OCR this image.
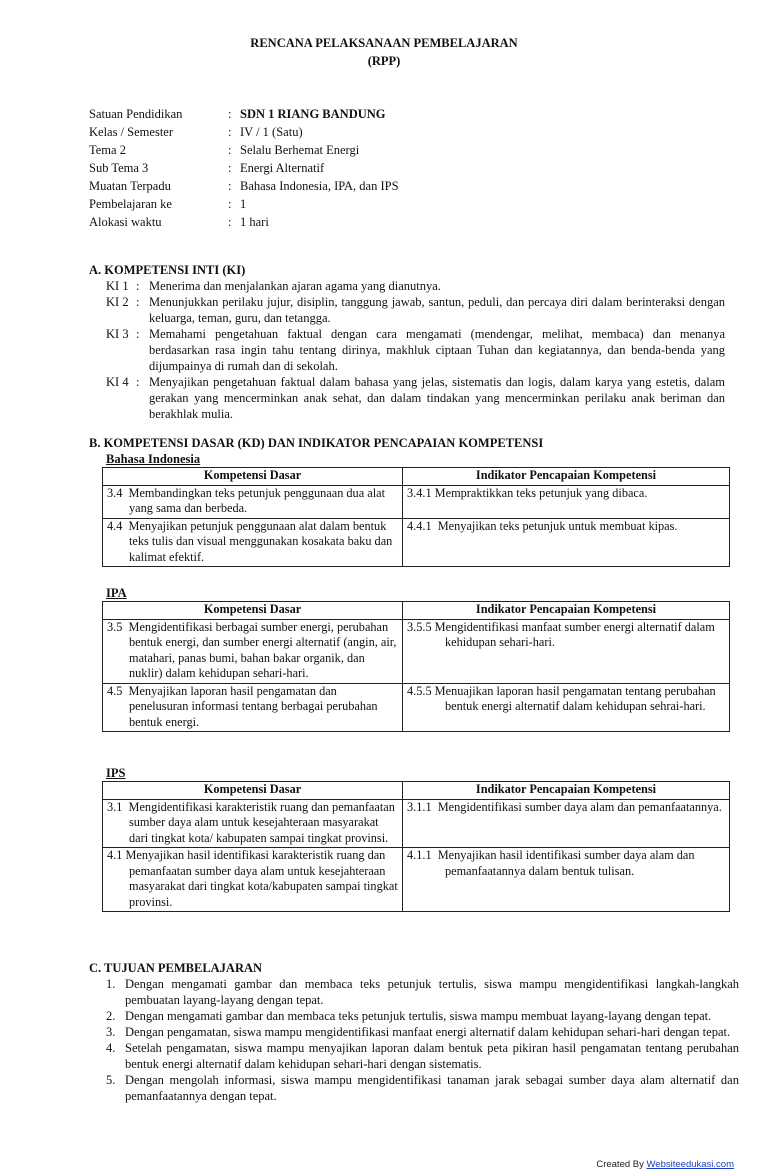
RENCANA PELAKSANAAN PEMBELAJARAN
(RPP)
Satuan Pendidikan	: SDN 1 RIANG BANDUNG
Kelas / Semester	: IV / 1 (Satu)
Tema 2	: Selalu Berhemat Energi
Sub Tema 3	: Energi Alternatif
Muatan Terpadu	: Bahasa Indonesia, IPA, dan IPS
Pembelajaran ke	: 1
Alokasi waktu	: 1 hari
A. KOMPETENSI INTI (KI)
KI 1 : Menerima dan menjalankan ajaran agama yang dianutnya.
KI 2 : Menunjukkan perilaku jujur, disiplin, tanggung jawab, santun, peduli, dan percaya diri dalam berinteraksi dengan keluarga, teman, guru, dan tetangga.
KI 3 : Memahami pengetahuan faktual dengan cara mengamati (mendengar, melihat, membaca) dan menanya berdasarkan rasa ingin tahu tentang dirinya, makhluk ciptaan Tuhan dan kegiatannya, dan benda-benda yang dijumpainya di rumah dan di sekolah.
KI 4 : Menyajikan pengetahuan faktual dalam bahasa yang jelas, sistematis dan logis, dalam karya yang estetis, dalam gerakan yang mencerminkan anak sehat, dan dalam tindakan yang mencerminkan perilaku anak beriman dan berakhlak mulia.
B. KOMPETENSI DASAR (KD) DAN INDIKATOR PENCAPAIAN KOMPETENSI
Bahasa Indonesia
Kompetensi Dasar	Indikator Pencapaian Kompetensi

3.4 Membandingkan teks petunjuk penggunaan dua alat yang sama dan berbeda.	3.4.1 Mempraktikkan teks petunjuk yang dibaca.

4.4 Menyajikan petunjuk penggunaan alat dalam bentuk teks tulis dan visual menggunakan kosakata baku dan kalimat efektif.	4.4.1 Menyajikan teks petunjuk untuk membuat kipas.
IPA
Kompetensi Dasar	Indikator Pencapaian Kompetensi

3.5 Mengidentifikasi berbagai sumber energi, perubahan bentuk energi, dan sumber energi alternatif (angin, air, matahari, panas bumi, bahan bakar organik, dan nuklir) dalam kehidupan sehari-hari.	3.5.5 Mengidentifikasi manfaat sumber energi alternatif dalam kehidupan sehari-hari.

4.5 Menyajikan laporan hasil pengamatan dan penelusuran informasi tentang berbagai perubahan bentuk energi.	4.5.5 Menuajikan laporan hasil pengamatan tentang perubahan bentuk energi alternatif dalam kehidupan sehrai-hari.
IPS
Kompetensi Dasar	Indikator Pencapaian Kompetensi

3.1 Mengidentifikasi karakteristik ruang dan pemanfaatan sumber daya alam untuk kesejahteraan masyarakat dari tingkat kota/ kabupaten sampai tingkat provinsi.	3.1.1 Mengidentifikasi sumber daya alam dan pemanfaatannya.

4.1 Menyajikan hasil identifikasi karakteristik ruang dan pemanfaatan sumber daya alam untuk kesejahteraan masyarakat dari tingkat kota/kabupaten sampai tingkat provinsi.	4.1.1 Menyajikan hasil identifikasi sumber daya alam dan pemanfaatannya dalam bentuk tulisan.
C. TUJUAN PEMBELAJARAN
1. Dengan mengamati gambar dan membaca teks petunjuk tertulis, siswa mampu mengidentifikasi langkah-langkah pembuatan layang-layang dengan tepat.
2. Dengan mengamati gambar dan membaca teks petunjuk tertulis, siswa mampu membuat layang-layang dengan tepat.
3. Dengan pengamatan, siswa mampu mengidentifikasi manfaat energi alternatif dalam kehidupan sehari-hari dengan tepat.
4. Setelah pengamatan, siswa mampu menyajikan laporan dalam bentuk peta pikiran hasil pengamatan tentang perubahan bentuk energi alternatif dalam kehidupan sehari-hari dengan sistematis.
5. Dengan mengolah informasi, siswa mampu mengidentifikasi tanaman jarak sebagai sumber daya alam alternatif dan pemanfaatannya dengan tepat.
Created By Websiteedukasi.com
